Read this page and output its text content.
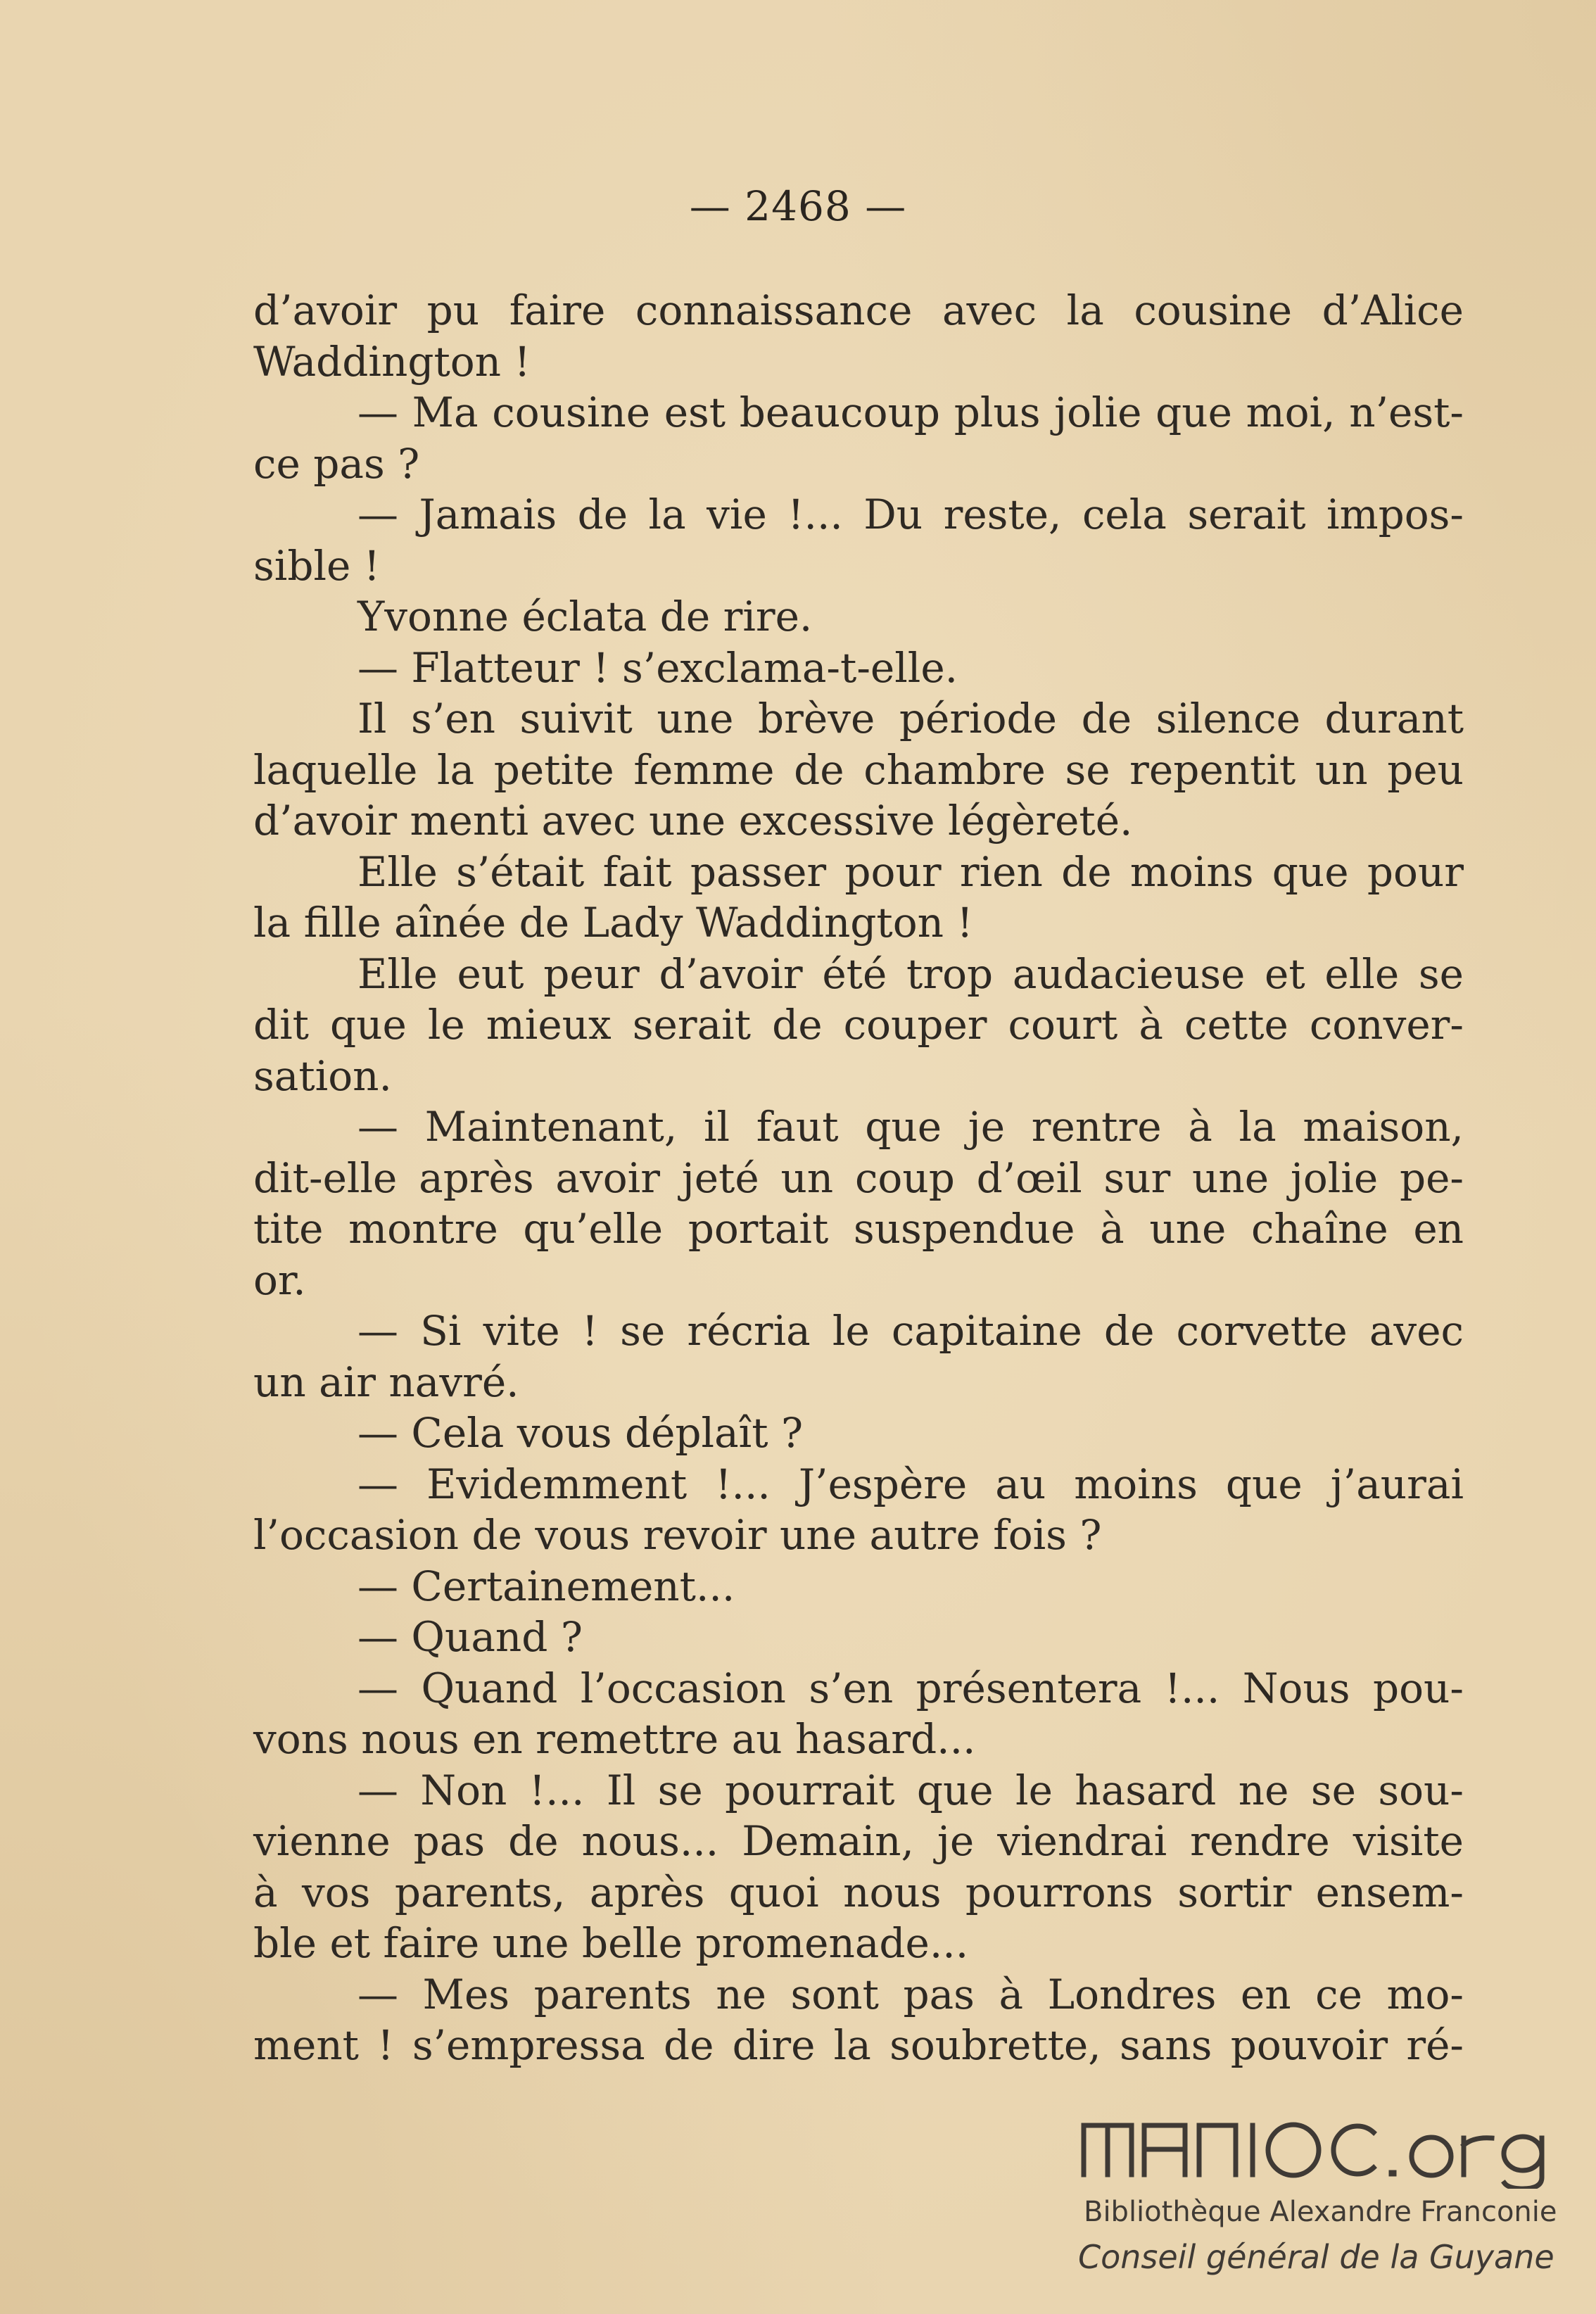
— 2468 —
d’avoir pu faire connaissance avec la cousine d’Alice
Waddington !
— Ma cousine est beaucoup plus jolie que moi, n’est-
ce pas ?
— Jamais de la vie !... Du reste, cela serait impos-
sible !
Yvonne éclata de rire.
— Flatteur ! s’exclama-t-elle.
Il s’en suivit une brève période de silence durant
laquelle la petite femme de chambre se repentit un peu
d’avoir menti avec une excessive légèreté.
Elle s’était fait passer pour rien de moins que pour
la fille aînée de Lady Waddington !
Elle eut peur d’avoir été trop audacieuse et elle se
dit que le mieux serait de couper court à cette conver-
sation.
— Maintenant, il faut que je rentre à la maison,
dit-elle après avoir jeté un coup d’œil sur une jolie pe-
tite montre qu’elle portait suspendue à une chaîne en
or.
— Si vite ! se récria le capitaine de corvette avec
un air navré.
— Cela vous déplaît ?
— Evidemment !... J’espère au moins que j’aurai
l’occasion de vous revoir une autre fois ?
— Certainement...
— Quand ?
— Quand l’occasion s’en présentera !... Nous pou-
vons nous en remettre au hasard...
— Non !... Il se pourrait que le hasard ne se sou-
vienne pas de nous... Demain, je viendrai rendre visite
à vos parents, après quoi nous pourrons sortir ensem-
ble et faire une belle promenade...
— Mes parents ne sont pas à Londres en ce mo-
ment ! s’empressa de dire la soubrette, sans pouvoir ré-
Bibliothèque Alexandre Franconie
Conseil général de la Guyane
